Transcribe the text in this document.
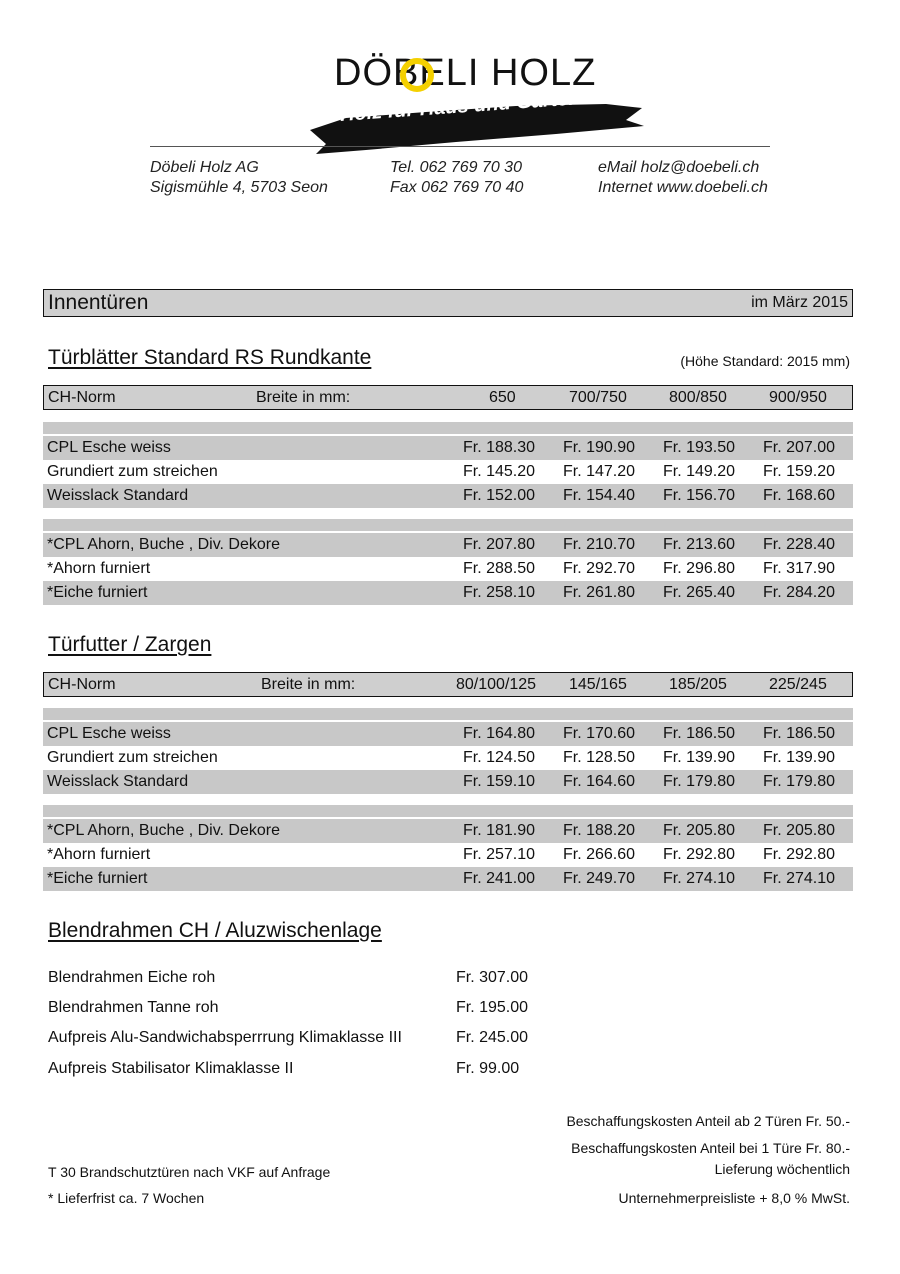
DÖBELI HOLZ
Holz für Haus und Garten
Döbeli Holz AG
Sigismühle 4, 5703 Seon
Tel. 062 769 70 30
Fax 062 769 70 40
eMail holz@doebeli.ch
Internet www.doebeli.ch
Innentüren	im März 2015
Türblätter Standard RS Rundkante	(Höhe Standard: 2015 mm)
CH-Norm	Breite in mm:	650	700/750	800/850	900/950
CPL Esche weiss	Fr. 188.30 Fr. 190.90 Fr. 193.50 Fr. 207.00
Grundiert zum streichen	Fr. 145.20 Fr. 147.20 Fr. 149.20 Fr. 159.20
Weisslack Standard	Fr. 152.00 Fr. 154.40 Fr. 156.70 Fr. 168.60
*CPL Ahorn, Buche , Div. Dekore	Fr. 207.80 Fr. 210.70 Fr. 213.60 Fr. 228.40
*Ahorn furniert	Fr. 288.50 Fr. 292.70 Fr. 296.80 Fr. 317.90
*Eiche furniert	Fr. 258.10 Fr. 261.80 Fr. 265.40 Fr. 284.20
Türfutter / Zargen
CH-Norm	Breite in mm:	80/100/125 145/165	185/205	225/245
CPL Esche weiss	Fr. 164.80 Fr. 170.60 Fr. 186.50 Fr. 186.50
Grundiert zum streichen	Fr. 124.50 Fr. 128.50 Fr. 139.90 Fr. 139.90
Weisslack Standard	Fr. 159.10 Fr. 164.60 Fr. 179.80 Fr. 179.80
*CPL Ahorn, Buche , Div. Dekore	Fr. 181.90 Fr. 188.20 Fr. 205.80 Fr. 205.80
*Ahorn furniert	Fr. 257.10 Fr. 266.60 Fr. 292.80 Fr. 292.80
*Eiche furniert	Fr. 241.00 Fr. 249.70 Fr. 274.10 Fr. 274.10
Blendrahmen CH / Aluzwischenlage
Blendrahmen Eiche roh	Fr. 307.00
Blendrahmen Tanne roh	Fr. 195.00
Aufpreis Alu-Sandwichabsperrrung Klimaklasse III	Fr. 245.00
Aufpreis Stabilisator Klimaklasse II	Fr. 99.00
Beschaffungskosten Anteil ab 2 Türen Fr. 50.-
Beschaffungskosten Anteil bei 1 Türe Fr. 80.-
Lieferung wöchentlich
T 30 Brandschutztüren nach VKF auf Anfrage
* Lieferfrist ca. 7 Wochen	Unternehmerpreisliste + 8,0 % MwSt.
